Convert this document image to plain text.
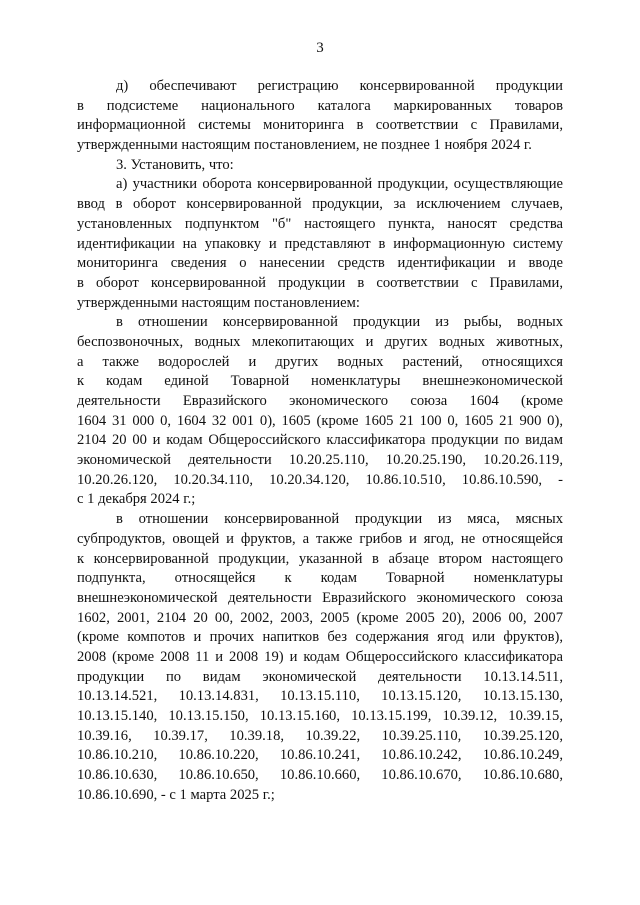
3
д) обеспечивают регистрацию консервированной продукции
в подсистеме национального каталога маркированных товаров
информационной системы мониторинга в соответствии с Правилами,
утвержденными настоящим постановлением, не позднее 1 ноября 2024 г.
3. Установить, что:
а) участники оборота консервированной продукции, осуществляющие
ввод в оборот консервированной продукции, за исключением случаев,
установленных подпунктом "б" настоящего пункта, наносят средства
идентификации на упаковку и представляют в информационную систему
мониторинга сведения о нанесении средств идентификации и вводе
в оборот консервированной продукции в соответствии с Правилами,
утвержденными настоящим постановлением:
в отношении консервированной продукции из рыбы, водных
беспозвоночных, водных млекопитающих и других водных животных,
а также водорослей и других водных растений, относящихся
к кодам единой Товарной номенклатуры внешнеэкономической
деятельности Евразийского экономического союза 1604 (кроме
1604 31 000 0, 1604 32 001 0), 1605 (кроме 1605 21 100 0, 1605 21 900 0),
2104 20 00 и кодам Общероссийского классификатора продукции по видам
экономической деятельности 10.20.25.110, 10.20.25.190, 10.20.26.119,
10.20.26.120, 10.20.34.110, 10.20.34.120, 10.86.10.510, 10.86.10.590, -
с 1 декабря 2024 г.;
в отношении консервированной продукции из мяса, мясных
субпродуктов, овощей и фруктов, а также грибов и ягод, не относящейся
к консервированной продукции, указанной в абзаце втором настоящего
подпункта, относящейся к кодам Товарной номенклатуры
внешнеэкономической деятельности Евразийского экономического союза
1602, 2001, 2104 20 00, 2002, 2003, 2005 (кроме 2005 20), 2006 00, 2007
(кроме компотов и прочих напитков без содержания ягод или фруктов),
2008 (кроме 2008 11 и 2008 19) и кодам Общероссийского классификатора
продукции по видам экономической деятельности 10.13.14.511,
10.13.14.521, 10.13.14.831, 10.13.15.110, 10.13.15.120, 10.13.15.130,
10.13.15.140, 10.13.15.150, 10.13.15.160, 10.13.15.199, 10.39.12, 10.39.15,
10.39.16, 10.39.17, 10.39.18, 10.39.22, 10.39.25.110, 10.39.25.120,
10.86.10.210, 10.86.10.220, 10.86.10.241, 10.86.10.242, 10.86.10.249,
10.86.10.630, 10.86.10.650, 10.86.10.660, 10.86.10.670, 10.86.10.680,
10.86.10.690, - с 1 марта 2025 г.;
